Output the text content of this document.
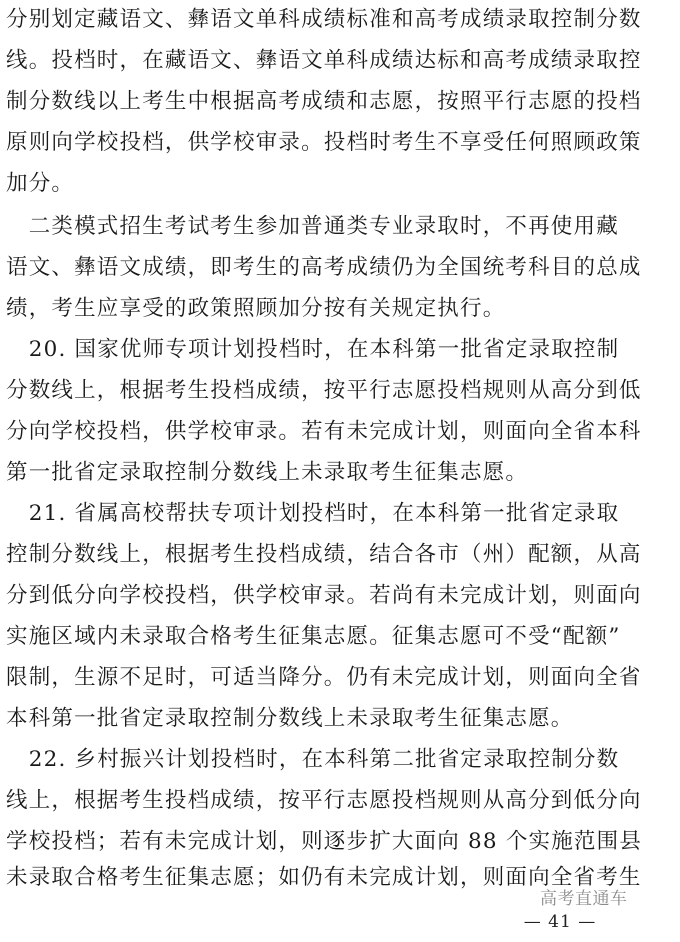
分别划定藏语文、彝语文单科成绩标准和高考成绩录取控制分数
线。投档时，在藏语文、彝语文单科成绩达标和高考成绩录取控
制分数线以上考生中根据高考成绩和志愿，按照平行志愿的投档
原则向学校投档，供学校审录。投档时考生不享受任何照顾政策
加分。
　二类模式招生考试考生参加普通类专业录取时，不再使用藏
语文、彝语文成绩，即考生的高考成绩仍为全国统考科目的总成
绩，考生应享受的政策照顾加分按有关规定执行。
　20. 国家优师专项计划投档时，在本科第一批省定录取控制
分数线上，根据考生投档成绩，按平行志愿投档规则从高分到低
分向学校投档，供学校审录。若有未完成计划，则面向全省本科
第一批省定录取控制分数线上未录取考生征集志愿。
　21. 省属高校帮扶专项计划投档时，在本科第一批省定录取
控制分数线上，根据考生投档成绩，结合各市（州）配额，从高
分到低分向学校投档，供学校审录。若尚有未完成计划，则面向
实施区域内未录取合格考生征集志愿。征集志愿可不受“配额”
限制，生源不足时，可适当降分。仍有未完成计划，则面向全省
本科第一批省定录取控制分数线上未录取考生征集志愿。
　22. 乡村振兴计划投档时，在本科第二批省定录取控制分数
线上，根据考生投档成绩，按平行志愿投档规则从高分到低分向
学校投档；若有未完成计划，则逐步扩大面向 88 个实施范围县
未录取合格考生征集志愿；如仍有未完成计划，则面向全省考生
高考直通车
— 41 —
